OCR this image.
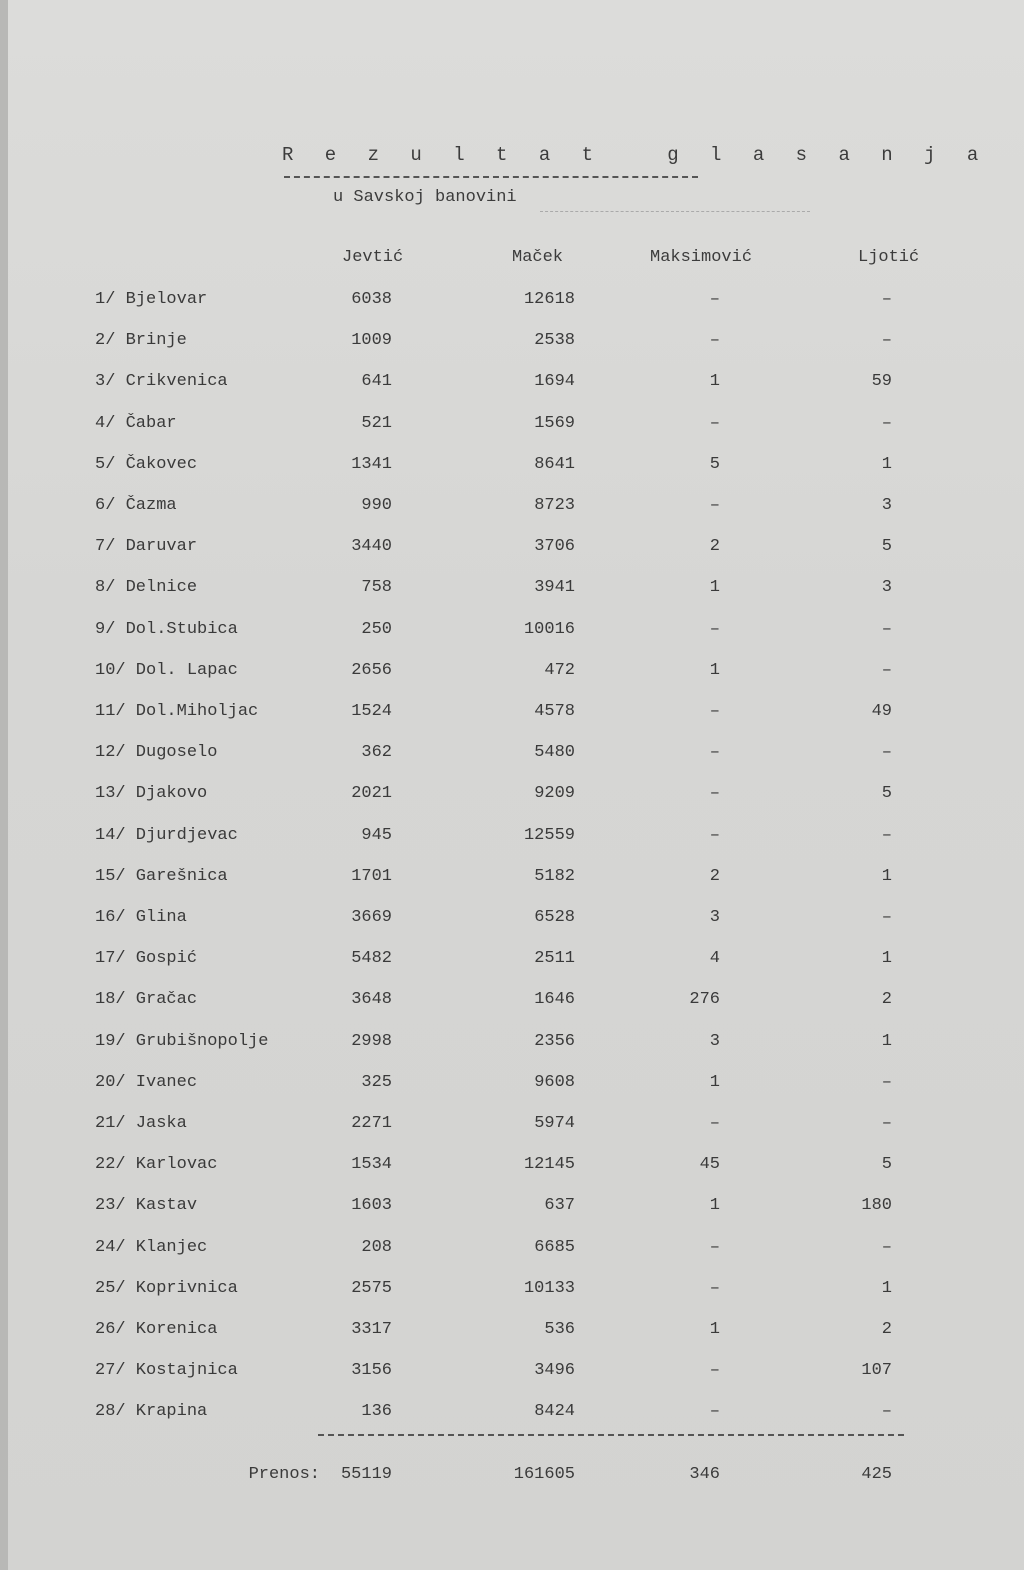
R e z u l t a t   g l a s a n j a
u Savskoj banovini
Jevtić	Maček	Maksimović	Ljotić
1/ Bjelovar	6038	12618	–	–
2/ Brinje	1009	2538	–	–
3/ Crikvenica	641	1694	1	59
4/ Čabar	521	1569	–	–
5/ Čakovec	1341	8641	5	1
6/ Čazma	990	8723	–	3
7/ Daruvar	3440	3706	2	5
8/ Delnice	758	3941	1	3
9/ Dol.Stubica	250	10016	–	–
10/ Dol. Lapac	2656	472	1	–
11/ Dol.Miholjac	1524	4578	–	49
12/ Dugoselo	362	5480	–	–
13/ Djakovo	2021	9209	–	5
14/ Djurdjevac	945	12559	–	–
15/ Garešnica	1701	5182	2	1
16/ Glina	3669	6528	3	–
17/ Gospić	5482	2511	4	1
18/ Gračac	3648	1646	276	2
19/ Grubišnopolje	2998	2356	3	1
20/ Ivanec	325	9608	1	–
21/ Jaska	2271	5974	–	–
22/ Karlovac	1534	12145	45	5
23/ Kastav	1603	637	1	180
24/ Klanjec	208	6685	–	–
25/ Koprivnica	2575	10133	–	1
26/ Korenica	3317	536	1	2
27/ Kostajnica	3156	3496	–	107
28/ Krapina	136	8424	–	–
Prenos:	55119	161605	346	425
